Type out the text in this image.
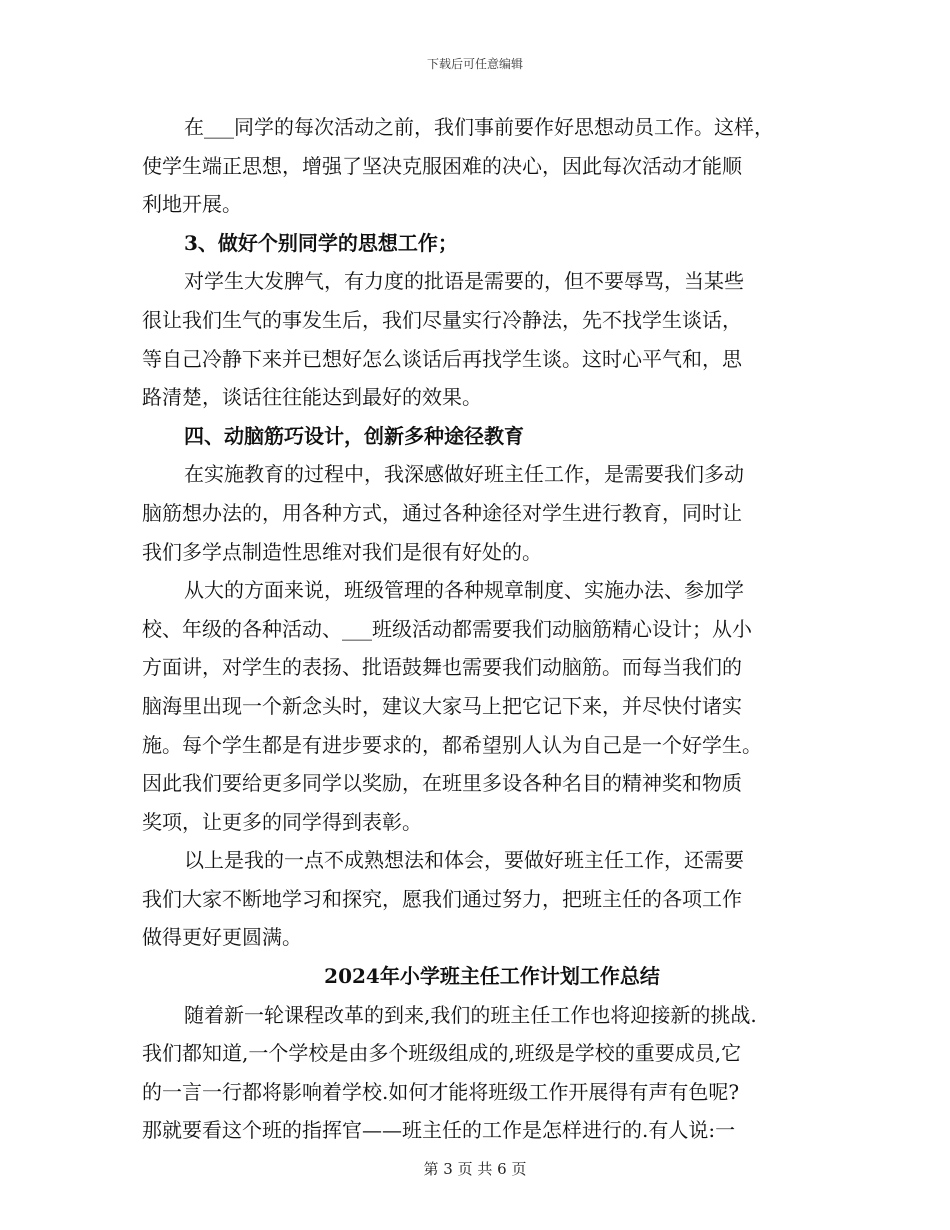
下载后可任意编辑
在___同学的每次活动之前，我们事前要作好思想动员工作。这样，
使学生端正思想，增强了坚决克服困难的决心，因此每次活动才能顺
利地开展。
3、做好个别同学的思想工作；
对学生大发脾气，有力度的批语是需要的，但不要辱骂，当某些
很让我们生气的事发生后，我们尽量实行冷静法，先不找学生谈话，
等自己冷静下来并已想好怎么谈话后再找学生谈。这时心平气和，思
路清楚，谈话往往能达到最好的效果。
四、动脑筋巧设计，创新多种途径教育
在实施教育的过程中，我深感做好班主任工作，是需要我们多动
脑筋想办法的，用各种方式，通过各种途径对学生进行教育，同时让
我们多学点制造性思维对我们是很有好处的。
从大的方面来说，班级管理的各种规章制度、实施办法、参加学
校、年级的各种活动、___班级活动都需要我们动脑筋精心设计；从小
方面讲，对学生的表扬、批语鼓舞也需要我们动脑筋。而每当我们的
脑海里出现一个新念头时，建议大家马上把它记下来，并尽快付诸实
施。每个学生都是有进步要求的，都希望别人认为自己是一个好学生。
因此我们要给更多同学以奖励，在班里多设各种名目的精神奖和物质
奖项，让更多的同学得到表彰。
以上是我的一点不成熟想法和体会，要做好班主任工作，还需要
我们大家不断地学习和探究，愿我们通过努力，把班主任的各项工作
做得更好更圆满。
2024年小学班主任工作计划工作总结
随着新一轮课程改革的到来,我们的班主任工作也将迎接新的挑战.
我们都知道,一个学校是由多个班级组成的,班级是学校的重要成员,它
的一言一行都将影响着学校.如何才能将班级工作开展得有声有色呢?
那就要看这个班的指挥官——班主任的工作是怎样进行的.有人说:一
第 3 页 共 6 页
